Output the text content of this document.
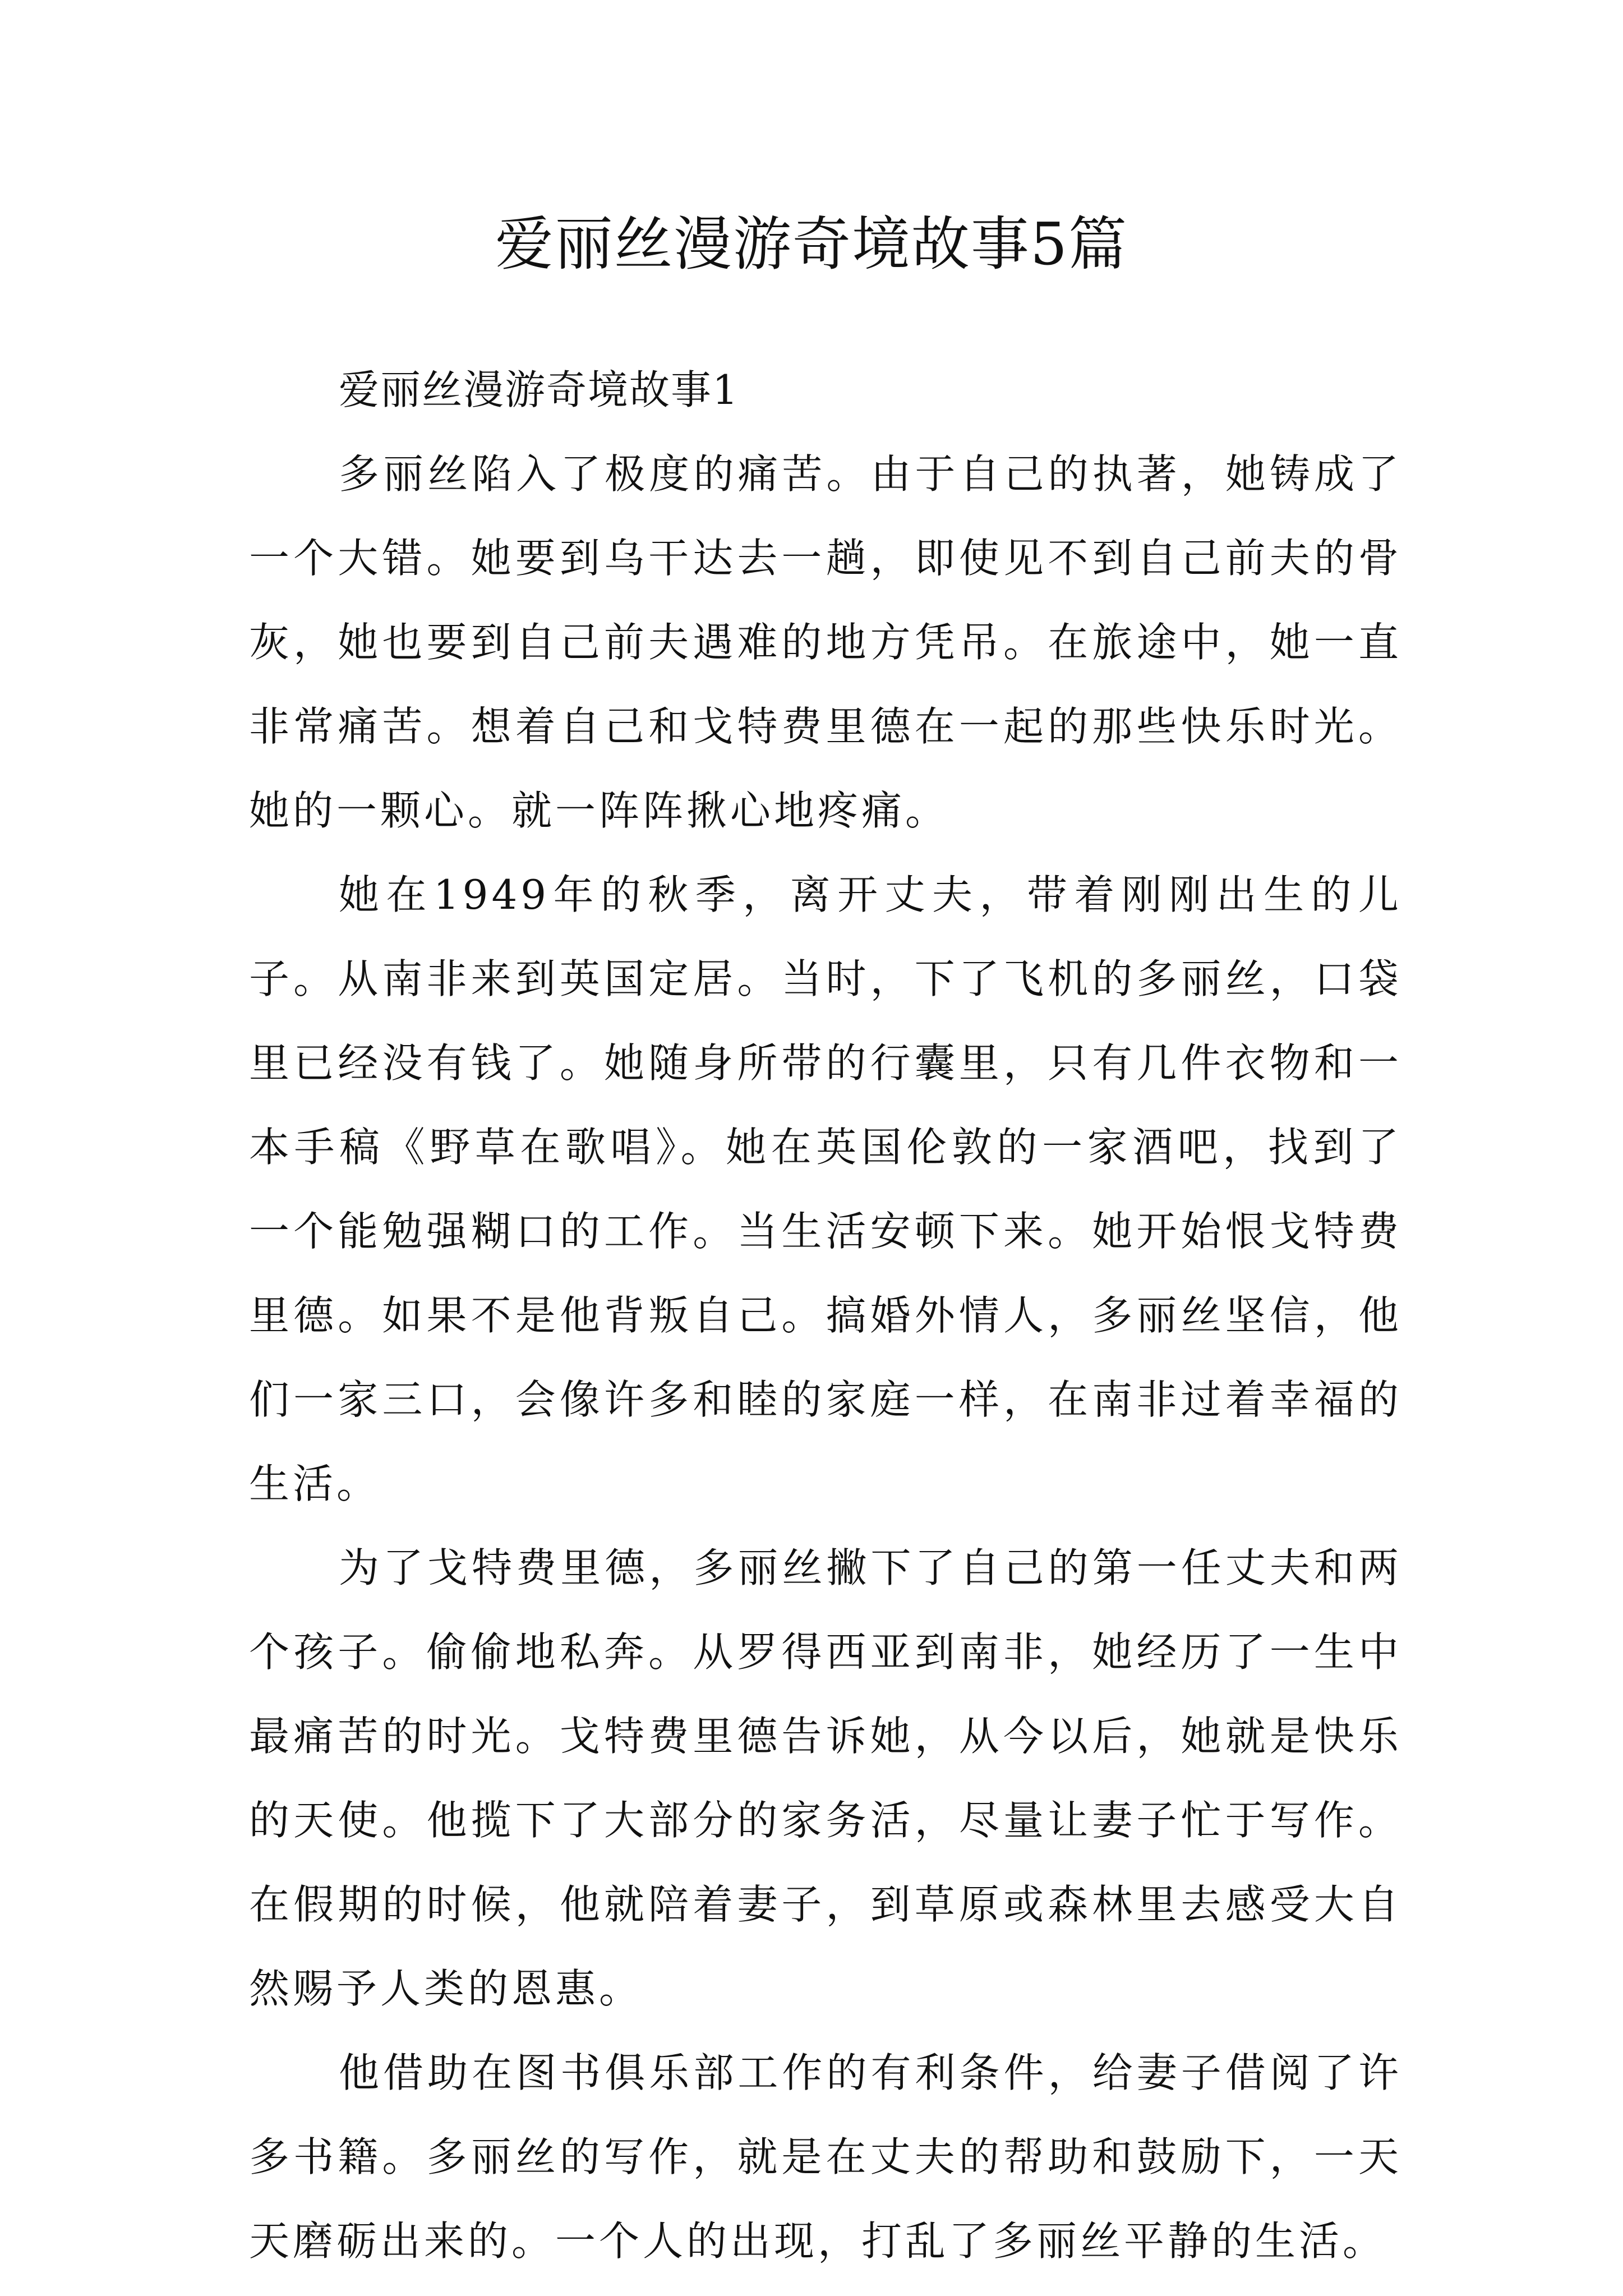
爱丽丝漫游奇境故事5篇
爱丽丝漫游奇境故事1

多丽丝陷入了极度的痛苦。由于自己的执著，她铸成了一个大错。她要到乌干达去一趟，即使见不到自己前夫的骨灰，她也要到自己前夫遇难的地方凭吊。在旅途中，她一直非常痛苦。想着自己和戈特费里德在一起的那些快乐时光。她的一颗心。就一阵阵揪心地疼痛。

她在1949年的秋季，离开丈夫，带着刚刚出生的儿子。从南非来到英国定居。当时，下了飞机的多丽丝，口袋里已经没有钱了。她随身所带的行囊里，只有几件衣物和一本手稿《野草在歌唱》。她在英国伦敦的一家酒吧，找到了一个能勉强糊口的工作。当生活安顿下来。她开始恨戈特费里德。如果不是他背叛自己。搞婚外情人，多丽丝坚信，他们一家三口，会像许多和睦的家庭一样，在南非过着幸福的生活。

为了戈特费里德，多丽丝撇下了自己的第一任丈夫和两个孩子。偷偷地私奔。从罗得西亚到南非，她经历了一生中最痛苦的时光。戈特费里德告诉她，从今以后，她就是快乐的天使。他揽下了大部分的家务活，尽量让妻子忙于写作。在假期的时候，他就陪着妻子，到草原或森林里去感受大自然赐予人类的恩惠。

他借助在图书俱乐部工作的有利条件，给妻子借阅了许多书籍。多丽丝的写作，就是在丈夫的帮助和鼓励下，一天天磨砺出来的。一个人的出现，打乱了多丽丝平静的生活。
